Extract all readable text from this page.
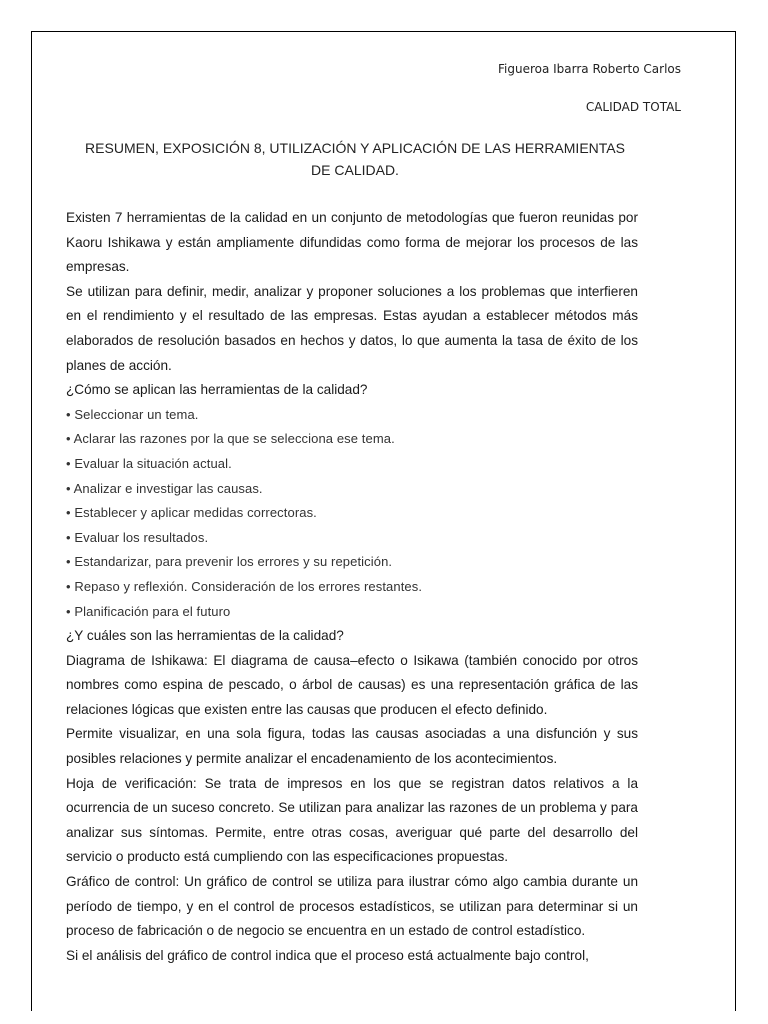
Figueroa Ibarra Roberto Carlos
CALIDAD TOTAL
RESUMEN, EXPOSICIÓN 8, UTILIZACIÓN Y APLICACIÓN DE LAS HERRAMIENTAS
DE CALIDAD.

Existen 7 herramientas de la calidad en un conjunto de metodologías que fueron reunidas por Kaoru Ishikawa y están ampliamente difundidas como forma de mejorar los procesos de las empresas.

Se utilizan para definir, medir, analizar y proponer soluciones a los problemas que interfieren en el rendimiento y el resultado de las empresas. Estas ayudan a establecer métodos más elaborados de resolución basados en hechos y datos, lo que aumenta la tasa de éxito de los planes de acción.

¿Cómo se aplican las herramientas de la calidad?

• Seleccionar un tema.

• Aclarar las razones por la que se selecciona ese tema.

• Evaluar la situación actual.

• Analizar e investigar las causas.

• Establecer y aplicar medidas correctoras.

• Evaluar los resultados.

• Estandarizar, para prevenir los errores y su repetición.

• Repaso y reflexión. Consideración de los errores restantes.

• Planificación para el futuro

¿Y cuáles son las herramientas de la calidad?

Diagrama de Ishikawa: El diagrama de causa–efecto o Isikawa (también conocido por otros nombres como espina de pescado, o árbol de causas) es una representación gráfica de las relaciones lógicas que existen entre las causas que producen el efecto definido.

Permite visualizar, en una sola figura, todas las causas asociadas a una disfunción y sus posibles relaciones y permite analizar el encadenamiento de los acontecimientos.

Hoja de verificación: Se trata de impresos en los que se registran datos relativos a la ocurrencia de un suceso concreto. Se utilizan para analizar las razones de un problema y para analizar sus síntomas. Permite, entre otras cosas, averiguar qué parte del desarrollo del servicio o producto está cumpliendo con las especificaciones propuestas.

Gráfico de control: Un gráfico de control se utiliza para ilustrar cómo algo cambia durante un período de tiempo, y en el control de procesos estadísticos, se utilizan para determinar si un proceso de fabricación o de negocio se encuentra en un estado de control estadístico.

Si el análisis del gráfico de control indica que el proceso está actualmente bajo control,
